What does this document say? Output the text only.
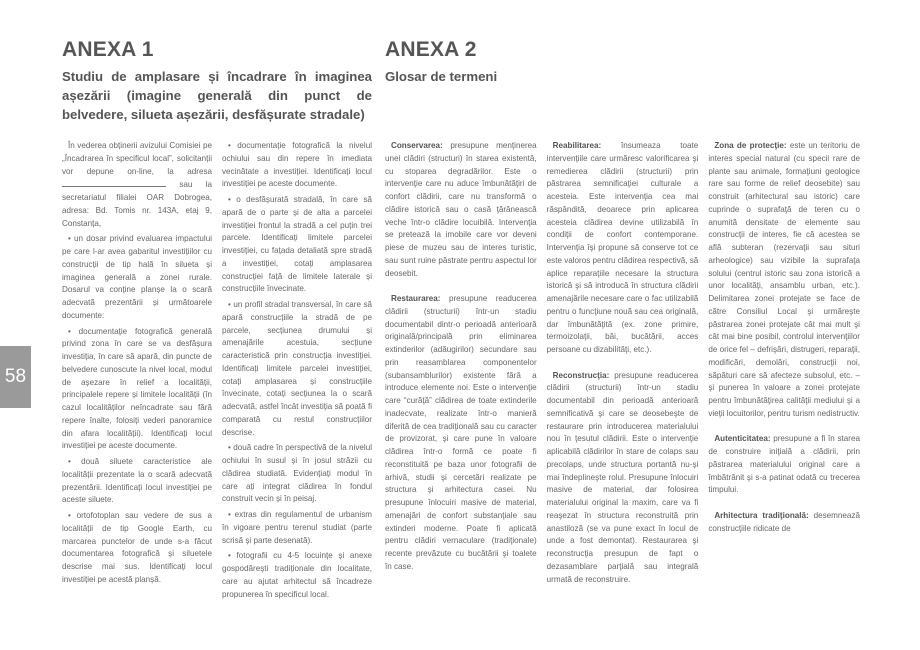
ANEXA 1
Studiu de amplasare și încadrare în imaginea așezării (imagine generală din punct de belvedere, silueta așezării, desfășurate stradale)
ANEXA 2
Glosar de termeni

În vederea obținerii avizului Comisiei pe „Încadrarea în specificul local”, solicitanții vor depune on-line, la adresa sau la secretariatul filialei OAR Dobrogea, adresa: Bd. Tomis nr. 143A, etaj 9, Constanța,

• un dosar privind evaluarea impactului pe care l-ar avea gabaritul investițiilor cu construcții de tip hală în silueta și imaginea generală a zonei rurale. Dosarul va conține planșe la o scară adecvată prezentării și următoarele documente:

• documentație fotografică generală privind zona în care se va desfășura investiția, în care să apară, din puncte de belvedere cunoscute la nivel local, modul de așezare în relief a localității, principalele repere și limitele localității (în cazul localităților neîncadrate sau fără repere înalte, folosiți vederi panoramice din afara localității). Identificați locul investiției pe aceste documente.

• două siluete caracteristice ale localității prezentate la o scară adecvată prezentării. Identificați locul investiției pe aceste siluete.

• ortofotoplan sau vedere de sus a localității de tip Google Earth, cu marcarea punctelor de unde s-a făcut documentarea fotografică și siluetele descrise mai sus. Identificați locul investiției pe acestă planșă.

• documentație fotografică la nivelul ochiului sau din repere în imediata vecinătate a investiției. Identificați locul investiției pe aceste documente.

• o desfășurată stradală, în care să apară de o parte și de alta a parcelei investiției frontul la stradă a cel puțin trei parcele. Identificați limitele parcelei investiției, cu fațada detaliată spre stradă a investiției, cotați amplasarea construcției față de limitele laterale și construcțiile învecinate.

• un profil stradal transversal, în care să apară construcțiile la stradă de pe parcele, secțiunea drumului și amenajările acestuia, secțiune caracteristică prin construcția investiției. Identificați limitele parcelei investiției, cotați amplasarea și construcțiile învecinate, cotați secțiunea la o scară adecvată, astfel încât investiția să poată fi comparată cu restul construcțiilor descrise.

• două cadre în perspectivă de la nivelul ochiului în susul și în josul străzii cu clădirea studiată. Evidențiați modul în care ați integrat clădirea în fondul construit vecin și în peisaj.

• extras din regulamentul de urbanism în vigoare pentru terenul studiat (parte scrisă și parte desenată).

• fotografii cu 4-5 locuințe și anexe gospodărești tradiționale din localitate, care au ajutat arhitectul să încadreze propunerea în specificul local.

Conservarea: presupune menţinerea unei clădiri (structuri) în starea existentă, cu stoparea degradărilor. Este o intervenţie care nu aduce îmbunătăţiri de confort clădirii, care nu transformă o clădire istorică sau o casă ţărănească veche într-o clădire locuibilă. Intervenţia se pretează la imobile care vor deveni piese de muzeu sau de interes turistic, sau sunt ruine păstrate pentru aspectul lor deosebit.
Restaurarea: presupune readucerea clădirii (structurii) într-un stadiu documentabil dintr-o perioadă anterioară originală/principală prin eliminarea extinderilor (adăugirilor) secundare sau prin reasamblarea componentelor (subansamblurilor) existente fără a introduce elemente noi. Este o intervenţie care “curăţă” clădirea de toate extinderile inadecvate, realizate într-o manieră diferită de cea tradiţională sau cu caracter de provizorat, şi care pune în valoare clădirea într-o formă ce poate fi reconstituită pe baza unor fotografii de arhivă, studii şi cercetări realizate pe structura şi arhitectura casei. Nu presupune înlocuiri masive de material, amenajări de confort substanţiale sau extinderi moderne. Poate fi aplicată pentru clădiri vernaculare (tradiţionale) recente prevăzute cu bucătării şi toalete în case.
Reabilitarea: însumeaza toate intervenţiile care urmăresc valorificarea şi remedierea clădirii (structurii) prin păstrarea semnificaţiei culturale a acesteia. Este intervenţia cea mai răspândită, deoarece prin aplicarea acesteia clădirea devine utilizabilă în condiţii de confort contemporane. Intervenţia îşi propune să conserve tot ce este valoros pentru clădirea respectivă, să aplice reparaţiile necesare la structura istorică şi să introducă în structura clădirii amenajările necesare care o fac utilizabilă pentru o funcţiune nouă sau cea originală, dar îmbunătăţită (ex. zone primire, termoizolaţii, băi, bucătării, acces persoane cu dizabilităţi, etc.).
Reconstrucţia: presupune readucerea clădirii (structurii) într-un stadiu documentabil din perioadă anterioară semnificativă şi care se deosebeşte de restaurare prin introducerea materialului nou în ţesutul clădirii. Este o intervenţie aplicabilă clădirilor în stare de colaps sau precolaps, unde structura portantă nu-şi mai îndeplineşte rolul. Presupune înlocuiri masive de material, dar folosirea materialului original la maxim, care va fi reaşezat în structura reconstruită prin anastiloză (se va pune exact în locul de unde a fost demontat). Restaurarea şi reconstrucţia presupun de fapt o dezasamblare parţială sau integrală urmată de reconstruire.
Zona de protecţie: este un teritoriu de interes special natural (cu specii rare de plante sau animale, formaţiuni geologice rare sau forme de relief deosebite) sau construit (arhitectural sau istoric) care cuprinde o suprafaţă de teren cu o anumită densitate de elemente sau construcţii de interes, fie că acestea se află subteran (rezervaţii sau situri arheologice) sau vizibile la suprafaţa solului (centrul istoric sau zona istorică a unor localităţi, ansamblu urban, etc.). Delimitarea zonei protejate se face de către Consiliul Local şi urmăreşte păstrarea zonei protejate cât mai mult şi cât mai bine posibil, controlul intervenţiilor de orice fel – defrişări, distrugeri, reparaţii, modificări, demolări, construcţii noi, săpături care să afecteze subsolul, etc. – şi punerea în valoare a zonei protejate pentru îmbunătăţirea calităţii mediului şi a vieţii locuitorilor, pentru turism nedistructiv.
Autenticitatea: presupune a fi în starea de construire iniţială a clădirii, prin păstrarea materialului original care a îmbătrânit şi s-a patinat odată cu trecerea timpului.
Arhitectura tradiţională: desemnează construcţiile ridicate de
58
